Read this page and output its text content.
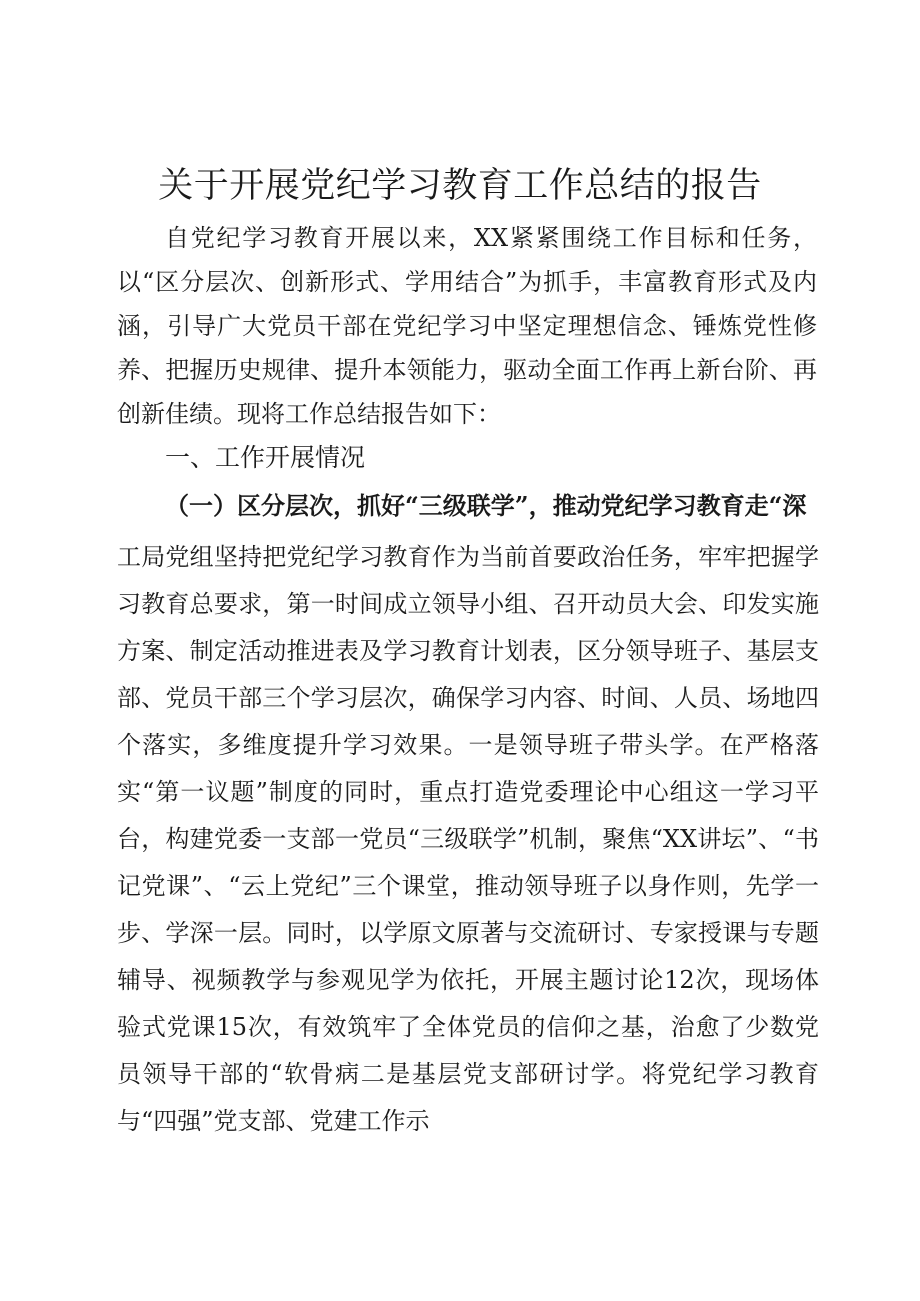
关于开展党纪学习教育工作总结的报告

自党纪学习教育开展以来，XX紧紧围绕工作目标和任务，以“区分层次、创新形式、学用结合”为抓手，丰富教育形式及内涵，引导广大党员干部在党纪学习中坚定理想信念、锤炼党性修养、把握历史规律、提升本领能力，驱动全面工作再上新台阶、再创新佳绩。现将工作总结报告如下：

一、工作开展情况
（一）区分层次，抓好“三级联学”，推动党纪学习教育走“深

工局党组坚持把党纪学习教育作为当前首要政治任务，牢牢把握学习教育总要求，第一时间成立领导小组、召开动员大会、印发实施方案、制定活动推进表及学习教育计划表，区分领导班子、基层支部、党员干部三个学习层次，确保学习内容、时间、人员、场地四个落实，多维度提升学习效果。一是领导班子带头学。在严格落实“第一议题”制度的同时，重点打造党委理论中心组这一学习平台，构建党委一支部一党员“三级联学”机制，聚焦“XX讲坛”、“书记党课”、“云上党纪”三个课堂，推动领导班子以身作则，先学一步、学深一层。同时，以学原文原著与交流研讨、专家授课与专题辅导、视频教学与参观见学为依托，开展主题讨论12次，现场体验式党课15次，有效筑牢了全体党员的信仰之基，治愈了少数党员领导干部的“软骨病二是基层党支部研讨学。将党纪学习教育与“四强”党支部、党建工作示
